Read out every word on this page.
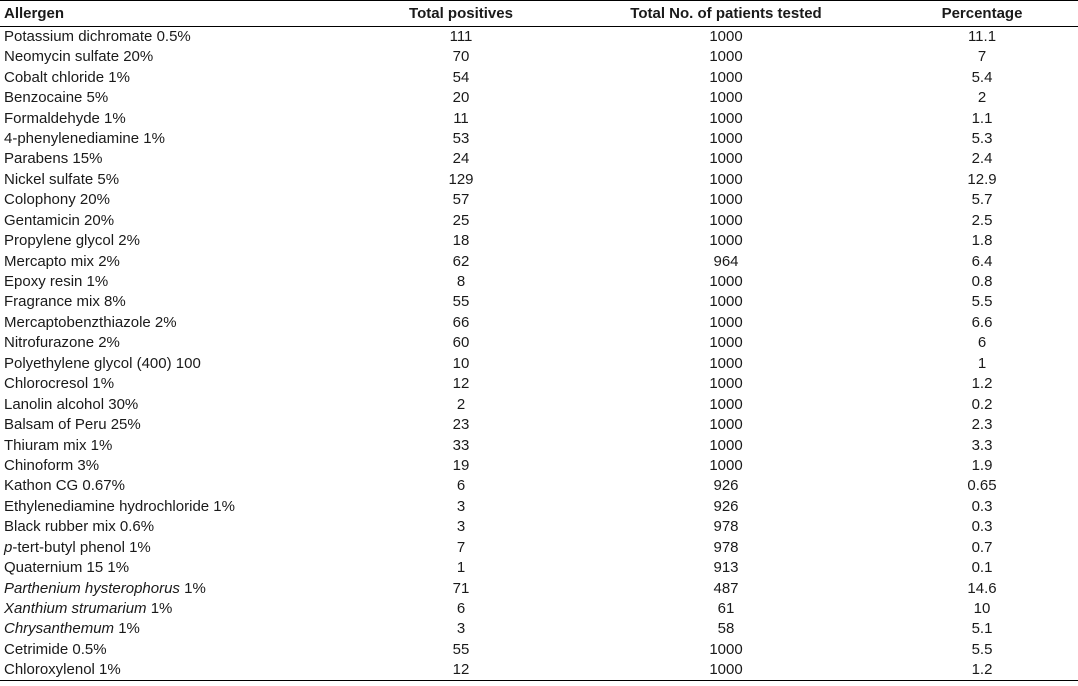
Allergen	Total positives	Total No. of patients tested	Percentage
Potassium dichromate 0.5%	111	1000	11.1
Neomycin sulfate 20%	70	1000	7
Cobalt chloride 1%	54	1000	5.4
Benzocaine 5%	20	1000	2
Formaldehyde 1%	11	1000	1.1
4-phenylenediamine 1%	53	1000	5.3
Parabens 15%	24	1000	2.4
Nickel sulfate 5%	129	1000	12.9
Colophony 20%	57	1000	5.7
Gentamicin 20%	25	1000	2.5
Propylene glycol 2%	18	1000	1.8
Mercapto mix 2%	62	964	6.4
Epoxy resin 1%	8	1000	0.8
Fragrance mix 8%	55	1000	5.5
Mercaptobenzthiazole 2%	66	1000	6.6
Nitrofurazone 2%	60	1000	6
Polyethylene glycol (400) 100	10	1000	1
Chlorocresol 1%	12	1000	1.2
Lanolin alcohol 30%	2	1000	0.2
Balsam of Peru 25%	23	1000	2.3
Thiuram mix 1%	33	1000	3.3
Chinoform 3%	19	1000	1.9
Kathon CG 0.67%	6	926	0.65
Ethylenediamine hydrochloride 1%	3	926	0.3
Black rubber mix 0.6%	3	978	0.3
p-tert-butyl phenol 1%	7	978	0.7
Quaternium 15 1%	1	913	0.1
Parthenium hysterophorus 1%	71	487	14.6
Xanthium strumarium 1%	6	61	10
Chrysanthemum 1%	3	58	5.1
Cetrimide 0.5%	55	1000	5.5
Chloroxylenol 1%	12	1000	1.2
